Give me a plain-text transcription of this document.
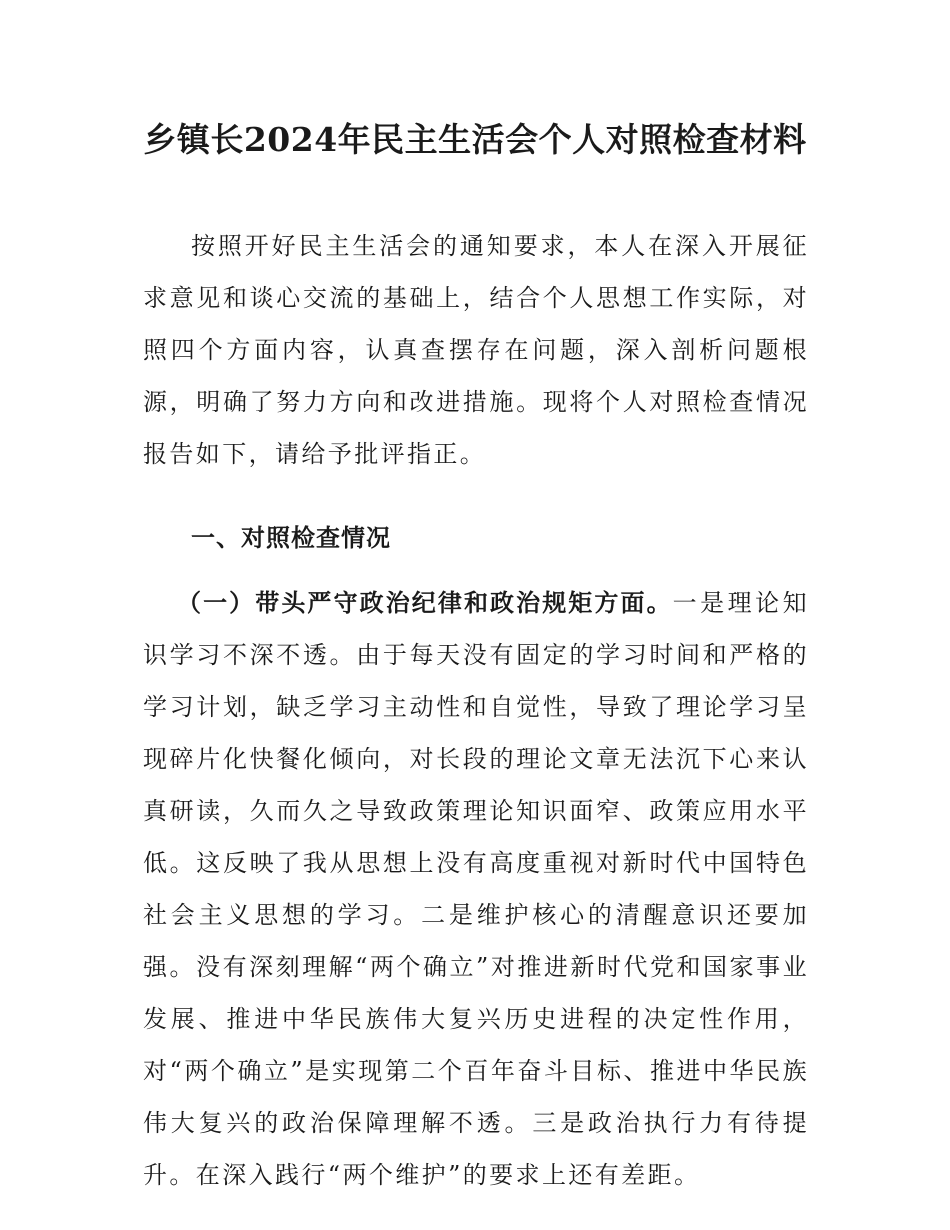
乡镇长2024年民主生活会个人对照检查材料

按照开好民主生活会的通知要求，本人在深入开展征求意见和谈心交流的基础上，结合个人思想工作实际，对照四个方面内容，认真查摆存在问题，深入剖析问题根源，明确了努力方向和改进措施。现将个人对照检查情况报告如下，请给予批评指正。

一、对照检查情况

（一）带头严守政治纪律和政治规矩方面。一是理论知识学习不深不透。由于每天没有固定的学习时间和严格的学习计划，缺乏学习主动性和自觉性，导致了理论学习呈现碎片化快餐化倾向，对长段的理论文章无法沉下心来认真研读，久而久之导致政策理论知识面窄、政策应用水平低。这反映了我从思想上没有高度重视对新时代中国特色社会主义思想的学习。二是维护核心的清醒意识还要加强。没有深刻理解“两个确立”对推进新时代党和国家事业发展、推进中华民族伟大复兴历史进程的决定性作用，对“两个确立”是实现第二个百年奋斗目标、推进中华民族伟大复兴的政治保障理解不透。三是政治执行力有待提升。在深入践行“两个维护”的要求上还有差距。
